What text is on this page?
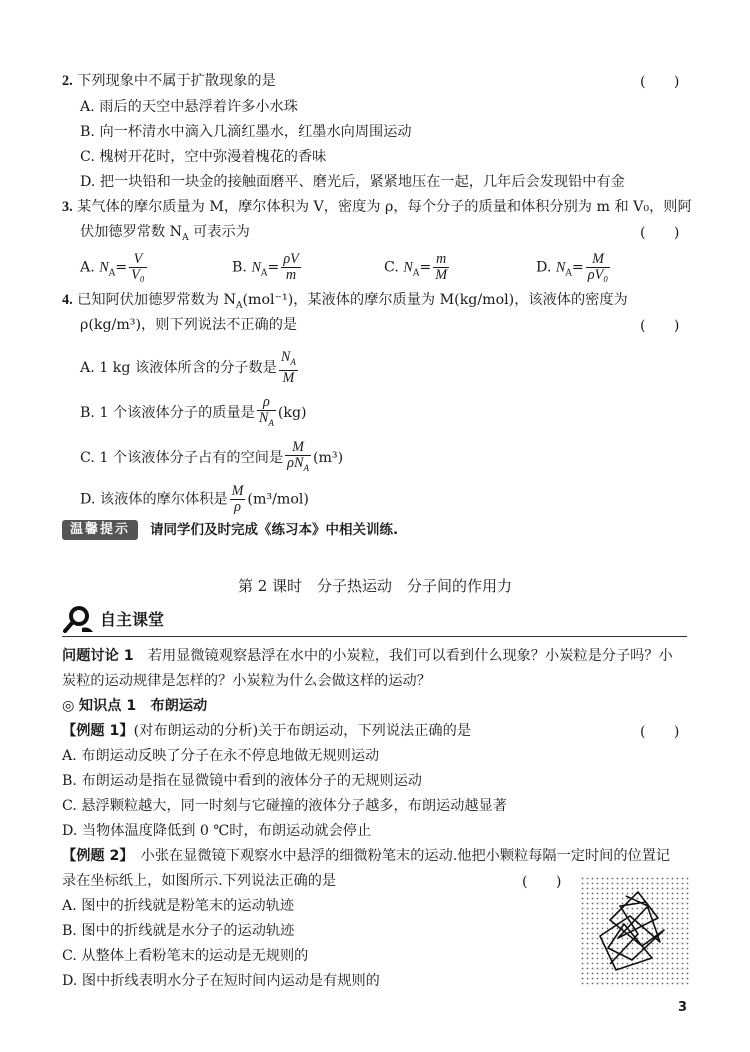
2. 下列现象中不属于扩散现象的是	(　　)
A. 雨后的天空中悬浮着许多小水珠
B. 向一杯清水中滴入几滴红墨水，红墨水向周围运动
C. 槐树开花时，空中弥漫着槐花的香味
D. 把一块铅和一块金的接触面磨平、磨光后，紧紧地压在一起，几年后会发现铅中有金
3. 某气体的摩尔质量为 M，摩尔体积为 V，密度为 ρ，每个分子的质量和体积分别为 m 和 V₀，则阿
伏加德罗常数 $N_A$ 可表示为	(　　)
A. $N_A= \frac{V}{\text{V₀}}$	B. $N_A= \frac{\rho V}{m}$	C. $N_A= \frac{m}{M}$	D. $N_A= \frac{M}{\text{ρV₀}}$
4. 已知阿伏加德罗常数为 $N_A(mol^{-1})$，某液体的摩尔质量为 M(kg/mol)，该液体的密度为
ρ(kg/m³)，则下列说法不正确的是	(　　)
A. 1 kg 该液体所含的分子数是 $\frac{N_A}{M}$
B. 1 个该液体分子的质量是 $\frac{\rho}{N_A} (kg)$
C. 1 个该液体分子占有的空间是 $\frac{M}{\rho N_A} (m^3)$
D. 该液体的摩尔体积是 $\frac{M}{\rho} (m^3/mol)$
温馨提示	请同学们及时完成《练习本》中相关训练.
第 2 课时　分子热运动　分子间的作用力
自主课堂
问题讨论 1　 若用显微镜观察悬浮在水中的小炭粒，我们可以看到什么现象？小炭粒是分子吗？小
炭粒的运动规律是怎样的？小炭粒为什么会做这样的运动？
◎ 知识点 1　布朗运动
【例题 1】(对布朗运动的分析)关于布朗运动，下列说法正确的是	(　　)
A. 布朗运动反映了分子在永不停息地做无规则运动
B. 布朗运动是指在显微镜中看到的液体分子的无规则运动
C. 悬浮颗粒越大，同一时刻与它碰撞的液体分子越多，布朗运动越显著
D. 当物体温度降低到 0 ℃时，布朗运动就会停止
【例题 2】　 小张在显微镜下观察水中悬浮的细微粉笔末的运动.他把小颗粒每隔一定时间的位置记
录在坐标纸上，如图所示.下列说法正确的是	(　　)
A. 图中的折线就是粉笔末的运动轨迹
B. 图中的折线就是水分子的运动轨迹
C. 从整体上看粉笔末的运动是无规则的
D. 图中折线表明水分子在短时间内运动是有规则的
3
